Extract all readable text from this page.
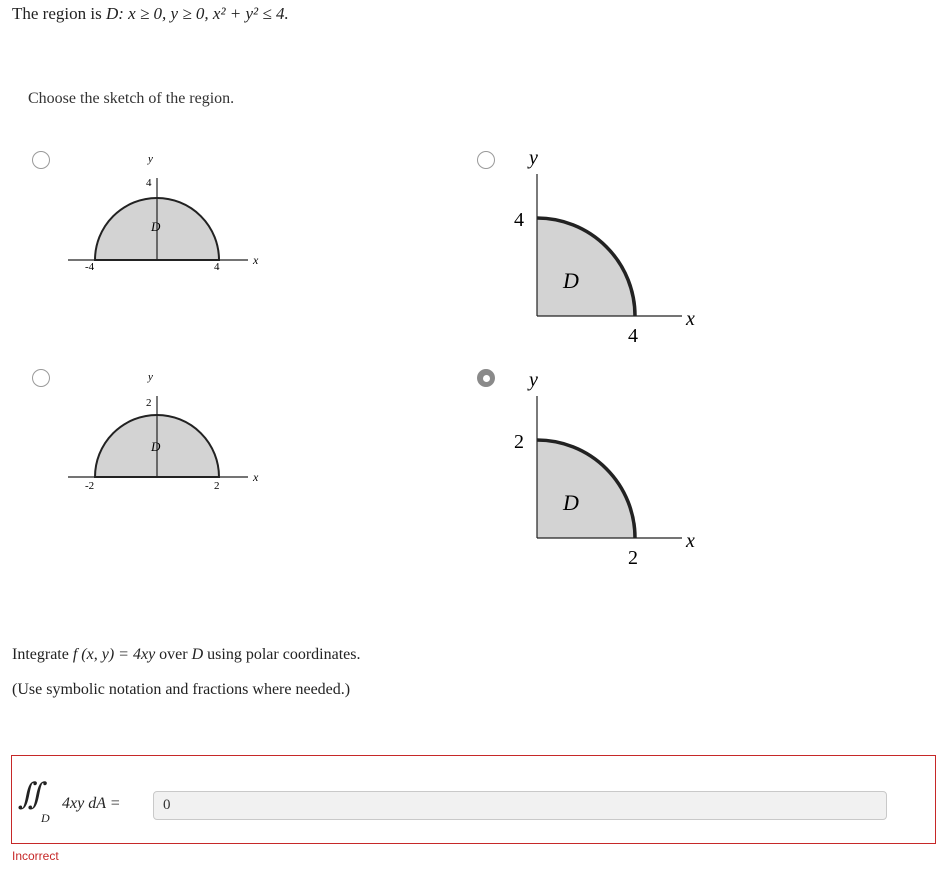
The region is D: x ≥ 0, y ≥ 0, x² + y² ≤ 4.
Choose the sketch of the region.
y
4
D
x
-4	4
y
4
D
x
4
y
2
D
x
-2	2
y
2
D
x
2
Integrate f (x, y) = 4xy over D using polar coordinates.
(Use symbolic notation and fractions where needed.)
∬
D
4xy dA =
0
Incorrect
